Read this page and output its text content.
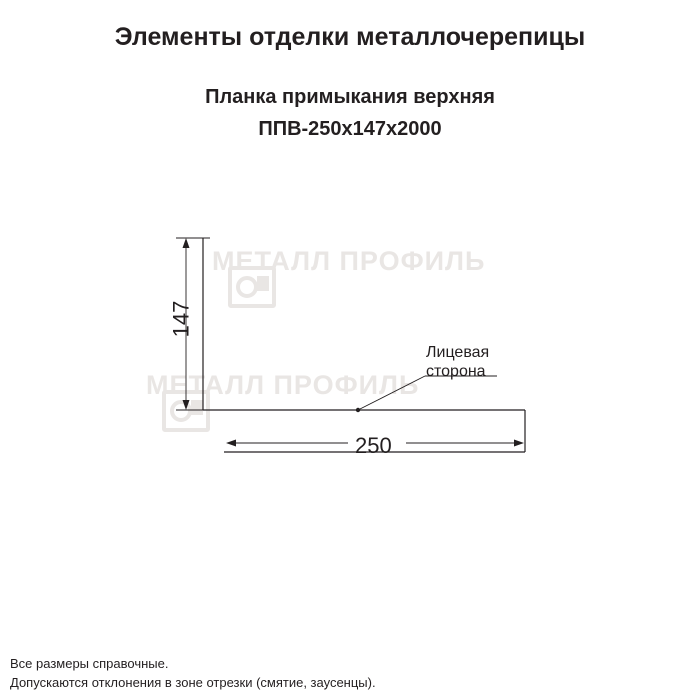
Элементы отделки металлочерепицы
Планка примыкания верхняя
ППВ-250x147x2000
МЕТАЛЛ ПРОФИЛЬ
МЕТАЛЛ ПРОФИЛЬ
147
250
Лицевая
сторона
Все размеры справочные.
Допускаются отклонения в зоне отрезки (смятие, заусенцы).
